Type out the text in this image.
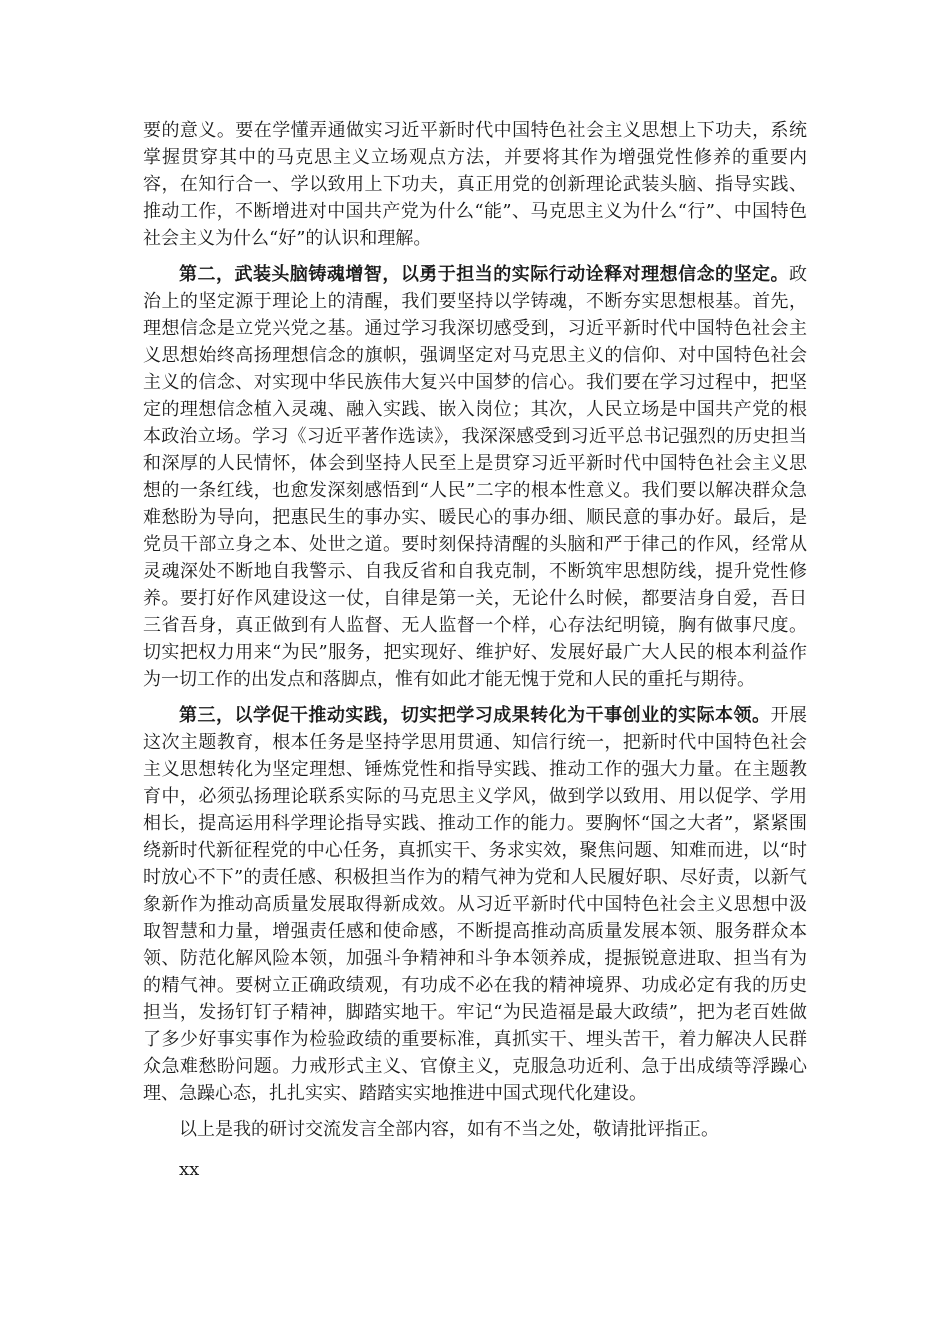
要的意义。要在学懂弄通做实习近平新时代中国特色社会主义思想上下功夫，系统掌握贯穿其中的马克思主义立场观点方法，并要将其作为增强党性修养的重要内容，在知行合一、学以致用上下功夫，真正用党的创新理论武装头脑、指导实践、推动工作，不断增进对中国共产党为什么“能”、马克思主义为什么“行”、中国特色社会主义为什么“好”的认识和理解。

第二，武装头脑铸魂增智，以勇于担当的实际行动诠释对理想信念的坚定。政治上的坚定源于理论上的清醒，我们要坚持以学铸魂，不断夯实思想根基。首先，理想信念是立党兴党之基。通过学习我深切感受到，习近平新时代中国特色社会主义思想始终高扬理想信念的旗帜，强调坚定对马克思主义的信仰、对中国特色社会主义的信念、对实现中华民族伟大复兴中国梦的信心。我们要在学习过程中，把坚定的理想信念植入灵魂、融入实践、嵌入岗位；其次，人民立场是中国共产党的根本政治立场。学习《习近平著作选读》，我深深感受到习近平总书记强烈的历史担当和深厚的人民情怀，体会到坚持人民至上是贯穿习近平新时代中国特色社会主义思想的一条红线，也愈发深刻感悟到“人民”二字的根本性意义。我们要以解决群众急难愁盼为导向，把惠民生的事办实、暖民心的事办细、顺民意的事办好。最后，是党员干部立身之本、处世之道。要时刻保持清醒的头脑和严于律己的作风，经常从灵魂深处不断地自我警示、自我反省和自我克制，不断筑牢思想防线，提升党性修养。要打好作风建设这一仗，自律是第一关，无论什么时候，都要洁身自爱，吾日三省吾身，真正做到有人监督、无人监督一个样，心存法纪明镜，胸有做事尺度。切实把权力用来“为民”服务，把实现好、维护好、发展好最广大人民的根本利益作为一切工作的出发点和落脚点，惟有如此才能无愧于党和人民的重托与期待。

第三，以学促干推动实践，切实把学习成果转化为干事创业的实际本领。开展这次主题教育，根本任务是坚持学思用贯通、知信行统一，把新时代中国特色社会主义思想转化为坚定理想、锤炼党性和指导实践、推动工作的强大力量。在主题教育中，必须弘扬理论联系实际的马克思主义学风，做到学以致用、用以促学、学用相长，提高运用科学理论指导实践、推动工作的能力。要胸怀“国之大者”，紧紧围绕新时代新征程党的中心任务，真抓实干、务求实效，聚焦问题、知难而进，以“时时放心不下”的责任感、积极担当作为的精气神为党和人民履好职、尽好责，以新气象新作为推动高质量发展取得新成效。从习近平新时代中国特色社会主义思想中汲取智慧和力量，增强责任感和使命感，不断提高推动高质量发展本领、服务群众本领、防范化解风险本领，加强斗争精神和斗争本领养成，提振锐意进取、担当有为的精气神。要树立正确政绩观，有功成不必在我的精神境界、功成必定有我的历史担当，发扬钉钉子精神，脚踏实地干。牢记“为民造福是最大政绩”，把为老百姓做了多少好事实事作为检验政绩的重要标准，真抓实干、埋头苦干，着力解决人民群众急难愁盼问题。力戒形式主义、官僚主义，克服急功近利、急于出成绩等浮躁心理、急躁心态，扎扎实实、踏踏实实地推进中国式现代化建设。

以上是我的研讨交流发言全部内容，如有不当之处，敬请批评指正。

xx
